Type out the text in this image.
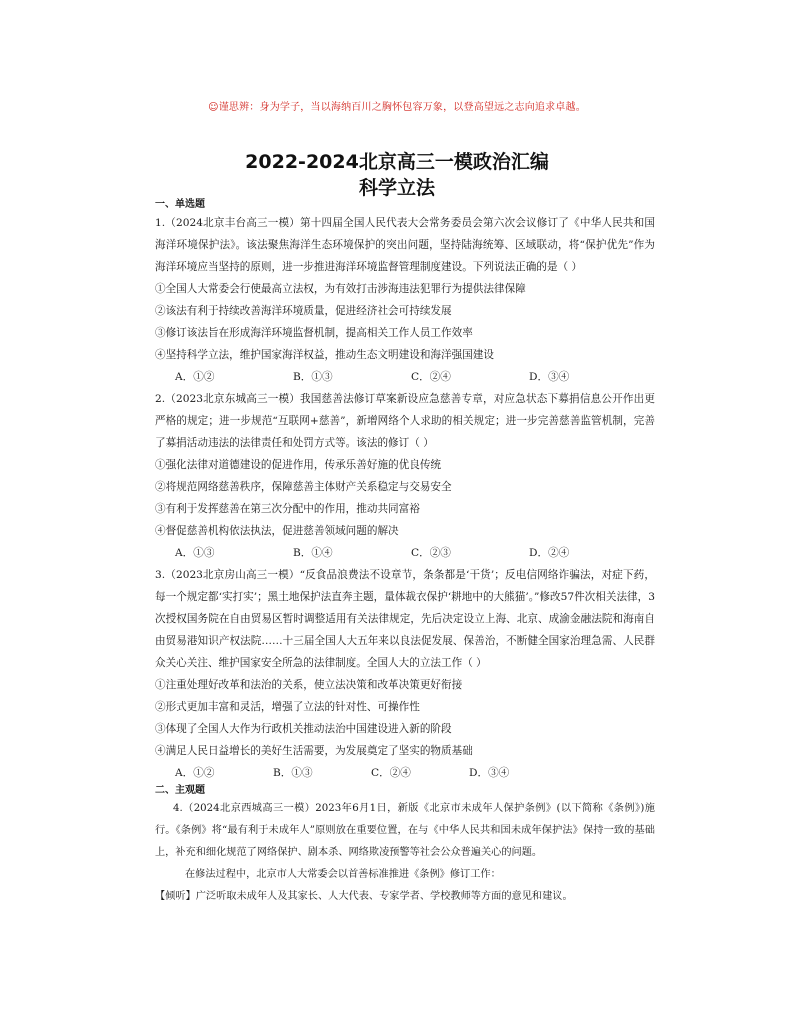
☺谨思辨：身为学子，当以海纳百川之胸怀包容万象，以登高望远之志向追求卓越。
2022-2024北京高三一模政治汇编
科学立法
一、单选题
1.（2024北京丰台高三一模）第十四届全国人民代表大会常务委员会第六次会议修订了《中华人民共和国海洋环境保护法》。该法聚焦海洋生态环境保护的突出问题，坚持陆海统筹、区域联动，将“保护优先”作为海洋环境应当坚持的原则，进一步推进海洋环境监督管理制度建设。下列说法正确的是（ ）
①全国人大常委会行使最高立法权，为有效打击涉海违法犯罪行为提供法律保障
②该法有利于持续改善海洋环境质量，促进经济社会可持续发展
③修订该法旨在形成海洋环境监督机制，提高相关工作人员工作效率
④坚持科学立法，维护国家海洋权益，推动生态文明建设和海洋强国建设
A．①②	B．①③	C．②④	D．③④
2.（2023北京东城高三一模）我国慈善法修订草案新设应急慈善专章，对应急状态下募捐信息公开作出更严格的规定；进一步规范“互联网+慈善”，新增网络个人求助的相关规定；进一步完善慈善监管机制，完善了募捐活动违法的法律责任和处罚方式等。该法的修订（ ）
①强化法律对道德建设的促进作用，传承乐善好施的优良传统
②将规范网络慈善秩序，保障慈善主体财产关系稳定与交易安全
③有利于发挥慈善在第三次分配中的作用，推动共同富裕
④督促慈善机构依法执法，促进慈善领域问题的解决
A．①③	B．①④	C．②③	D．②④
3.（2023北京房山高三一模）“反食品浪费法不设章节，条条都是‘干货’；反电信网络诈骗法，对症下药，每一个规定都‘实打实’；黑土地保护法直奔主题，量体裁衣保护‘耕地中的大熊猫’。”修改57件次相关法律，3次授权国务院在自由贸易区暂时调整适用有关法律规定，先后决定设立上海、北京、成渝金融法院和海南自由贸易港知识产权法院……十三届全国人大五年来以良法促发展、保善治，不断健全国家治理急需、人民群众关心关注、维护国家安全所急的法律制度。全国人大的立法工作（ ）
①注重处理好改革和法治的关系，使立法决策和改革决策更好衔接
②形式更加丰富和灵活，增强了立法的针对性、可操作性
③体现了全国人大作为行政机关推动法治中国建设进入新的阶段
④满足人民日益增长的美好生活需要，为发展奠定了坚实的物质基础
A．①②	B．①③	C．②④	D．③④
二、主观题
4.（2024北京西城高三一模）2023年6月1日，新版《北京市未成年人保护条例》(以下简称《条例》)施行。《条例》将“最有利于未成年人”原则放在重要位置，在与《中华人民共和国未成年保护法》保持一致的基础上，补充和细化规范了网络保护、剧本杀、网络欺凌预警等社会公众普遍关心的问题。
在修法过程中，北京市人大常委会以首善标准推进《条例》修订工作：
【倾听】广泛听取未成年人及其家长、人大代表、专家学者、学校教师等方面的意见和建议。
